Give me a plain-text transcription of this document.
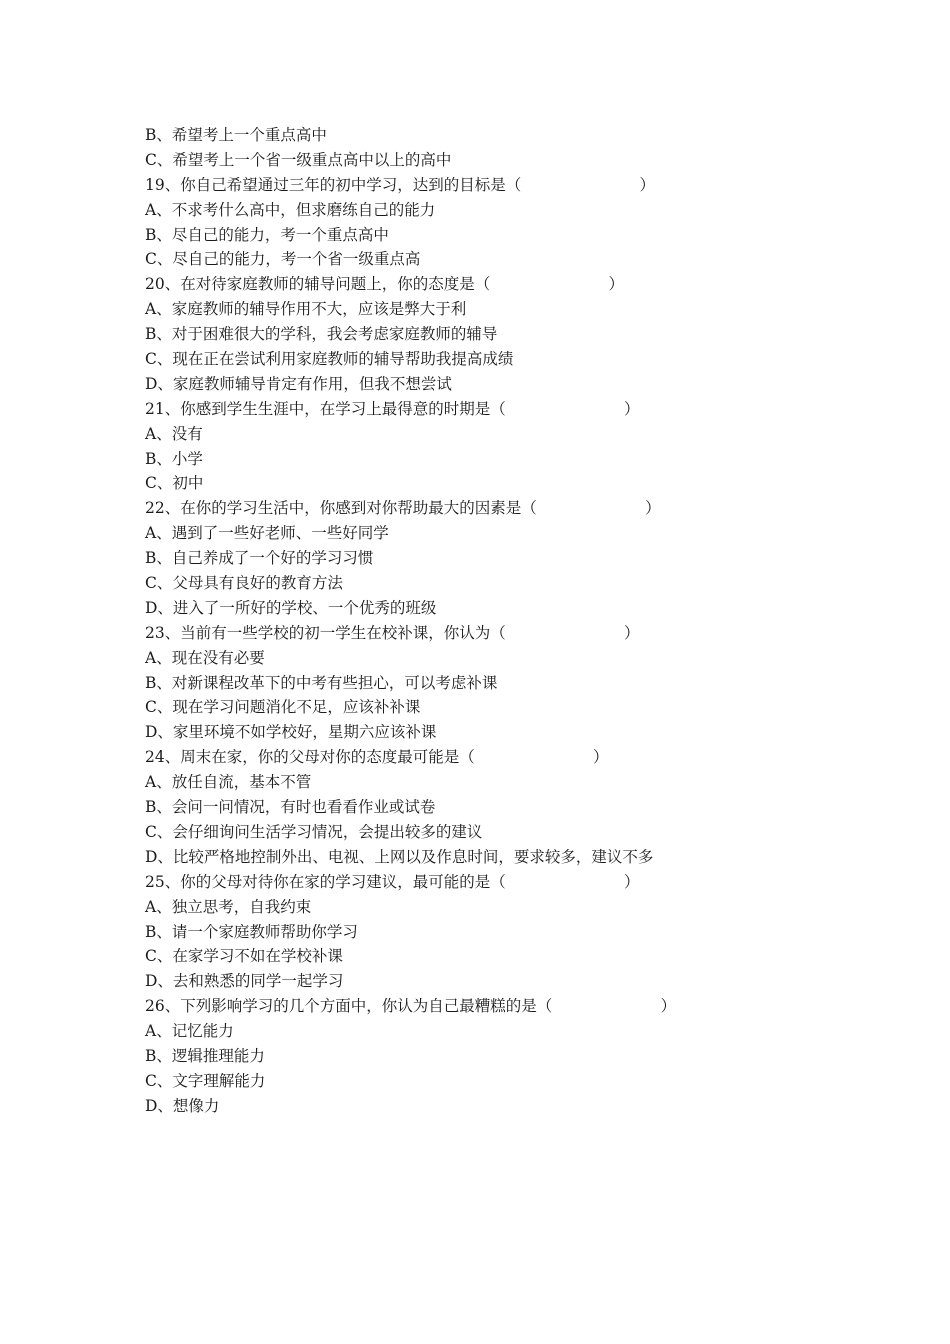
B、希望考上一个重点高中
C、希望考上一个省一级重点高中以上的高中
19、你自己希望通过三年的初中学习，达到的目标是（                        ）
A、不求考什么高中，但求磨练自己的能力
B、尽自己的能力，考一个重点高中
C、尽自己的能力，考一个省一级重点高
20、在对待家庭教师的辅导问题上，你的态度是（                        ）
A、家庭教师的辅导作用不大，应该是弊大于利
B、对于困难很大的学科，我会考虑家庭教师的辅导
C、现在正在尝试利用家庭教师的辅导帮助我提高成绩
D、家庭教师辅导肯定有作用，但我不想尝试
21、你感到学生生涯中，在学习上最得意的时期是（                        ）
A、没有
B、小学
C、初中
22、在你的学习生活中，你感到对你帮助最大的因素是（                      ）
A、遇到了一些好老师、一些好同学
B、自己养成了一个好的学习习惯
C、父母具有良好的教育方法
D、进入了一所好的学校、一个优秀的班级
23、当前有一些学校的初一学生在校补课，你认为（                        ）
A、现在没有必要
B、对新课程改革下的中考有些担心，可以考虑补课
C、现在学习问题消化不足，应该补补课
D、家里环境不如学校好，星期六应该补课
24、周末在家，你的父母对你的态度最可能是（                        ）
A、放任自流，基本不管
B、会问一问情况，有时也看看作业或试卷
C、会仔细询问生活学习情况，会提出较多的建议
D、比较严格地控制外出、电视、上网以及作息时间，要求较多，建议不多
25、你的父母对待你在家的学习建议，最可能的是（                        ）
A、独立思考，自我约束
B、请一个家庭教师帮助你学习
C、在家学习不如在学校补课
D、去和熟悉的同学一起学习
26、下列影响学习的几个方面中，你认为自己最糟糕的是（                      ）
A、记忆能力
B、逻辑推理能力
C、文字理解能力
D、想像力
